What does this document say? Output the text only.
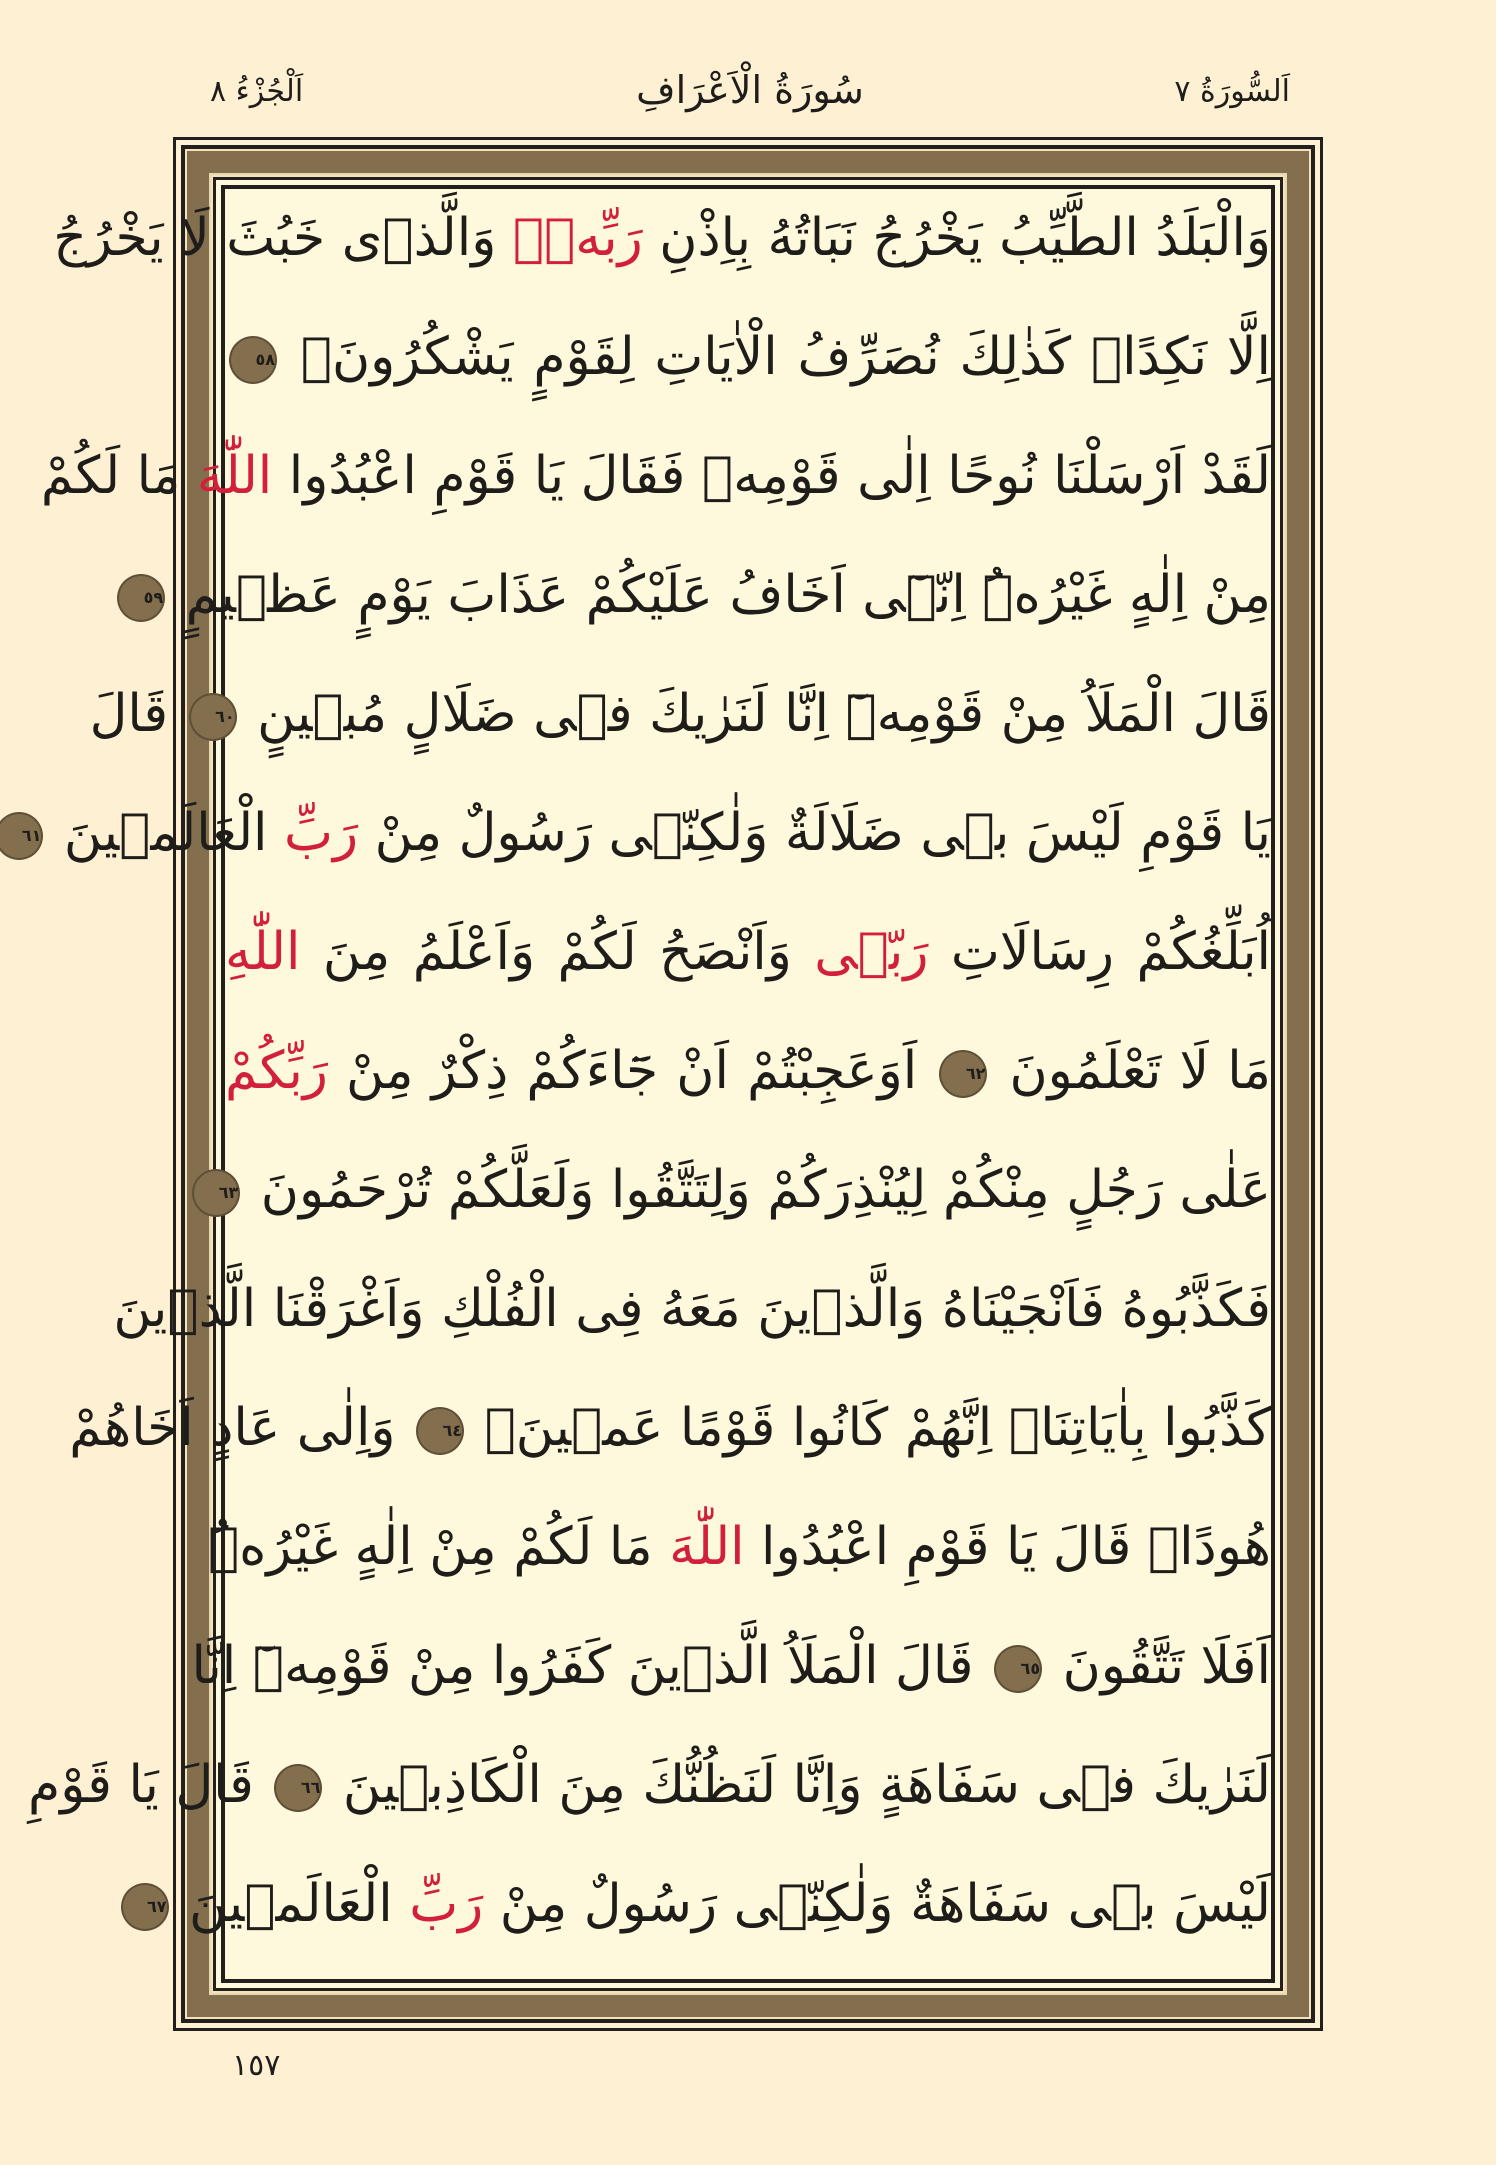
اَلسُّورَةُ ٧
سُورَةُ الْاَعْرَافِ
اَلْجُزْءُ ٨
وَالْبَلَدُ الطَّيِّبُ يَخْرُجُ نَبَاتُهُ بِاِذْنِ رَبِّهٖۚ وَالَّذٖى خَبُثَ لَا يَخْرُجُ
اِلَّا نَكِدًاۜ كَذٰلِكَ نُصَرِّفُ الْاٰيَاتِ لِقَوْمٍ يَشْكُرُونَ۟ ٥٨
لَقَدْ اَرْسَلْنَا نُوحًا اِلٰى قَوْمِهٖ فَقَالَ يَا قَوْمِ اعْبُدُوا اللّٰهَ مَا لَكُمْ
مِنْ اِلٰهٍ غَيْرُهُۜ اِنّٖٓى اَخَافُ عَلَيْكُمْ عَذَابَ يَوْمٍ عَظٖيمٍ ٥٩
قَالَ الْمَلَاُ مِنْ قَوْمِهٖٓ اِنَّا لَنَرٰيكَ فٖى ضَلَالٍ مُبٖينٍ ٦٠ قَالَ
يَا قَوْمِ لَيْسَ بٖى ضَلَالَةٌ وَلٰكِنّٖى رَسُولٌ مِنْ رَبِّ الْعَالَمٖينَ ٦١
اُبَلِّغُكُمْ رِسَالَاتِ رَبّٖى وَاَنْصَحُ لَكُمْ وَاَعْلَمُ مِنَ اللّٰهِ
مَا لَا تَعْلَمُونَ ٦٢ اَوَعَجِبْتُمْ اَنْ جَٓاءَكُمْ ذِكْرٌ مِنْ رَبِّكُمْ
عَلٰى رَجُلٍ مِنْكُمْ لِيُنْذِرَكُمْ وَلِتَتَّقُوا وَلَعَلَّكُمْ تُرْحَمُونَ ٦٣
فَكَذَّبُوهُ فَاَنْجَيْنَاهُ وَالَّذٖينَ مَعَهُ فِى الْفُلْكِ وَاَغْرَقْنَا الَّذٖينَ
كَذَّبُوا بِاٰيَاتِنَاۜ اِنَّهُمْ كَانُوا قَوْمًا عَمٖينَ۟ ٦٤ وَاِلٰى عَادٍ اَخَاهُمْ
هُودًاۜ قَالَ يَا قَوْمِ اعْبُدُوا اللّٰهَ مَا لَكُمْ مِنْ اِلٰهٍ غَيْرُهُۜ
اَفَلَا تَتَّقُونَ ٦٥ قَالَ الْمَلَاُ الَّذٖينَ كَفَرُوا مِنْ قَوْمِهٖٓ اِنَّا
لَنَرٰيكَ فٖى سَفَاهَةٍ وَاِنَّا لَنَظُنُّكَ مِنَ الْكَاذِبٖينَ ٦٦ قَالَ يَا قَوْمِ
لَيْسَ بٖى سَفَاهَةٌ وَلٰكِنّٖى رَسُولٌ مِنْ رَبِّ الْعَالَمٖينَ ٦٧
١٥٧
